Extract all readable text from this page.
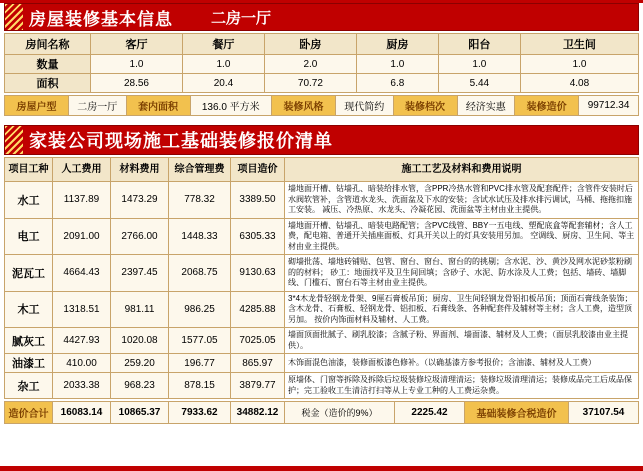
房屋装修基本信息	二房一厅
房间名称	客厅	餐厅	卧房	厨房	阳台	卫生间
数量	1.0	1.0	2.0	1.0	1.0	1.0
面积	28.56	20.4	70.72	6.8	5.44	4.08
房屋户型	二房一厅	套内面积	136.0 平方米	装修风格	现代简约	装修档次	经济实惠	装修造价	99712.34
家装公司现场施工基础装修报价清单
项目工种	人工费用	材料费用	综合管理费	项目造价	施工工艺及材料和费用说明
水工	1137.89	1473.29	778.32	3389.50	墙地面开槽、钻墙孔、暗装给排水管，含PPR冷热水管和PVC排水管及配套配件；含管件安装时后水阀软管补，含管道水龙头、洗面盆及下水的安装；含试水试压及排水排污调试，马桶、拖拖扣施工安装。 减压、冷热原、水龙头、冷凝花园、洗面盆等主材由业主提供。
电工	2091.00	2766.00	1448.33	6305.33	墙地面开槽、钻墙孔、暗装电路配管；含PVC线管、BBY一五电线、塑配底盒等配套辅材；含人工费，配电箱、普通开关插座面板、灯具开关以上的灯具安装用另加。 空调线、厨房、卫生间、等主材由业主提供。
泥瓦工	4664.43	2397.45	2068.75	9130.63	砌墙批荡、墙地砖铺贴、包管、窗台、窗台、窗台的的挑剔；含水泥、沙、黄沙及网水泥砂浆粉刷的的材料； 砂工：地面找平及卫生间回填；含砂子、水泥、防水涂及人工费；包括、墙砖、墙脚线、门槛石、窗台石等主材由业主提供。
木工	1318.51	981.11	986.25	4285.88	3*4木龙骨轻钢龙骨架、9厘石膏板吊顶；厨房、卫生间轻钢龙骨铝扣板吊顶；顶面石膏线条装饰；含木龙骨、石膏板、轻钢龙骨、铝扣板、石膏线条、各种配套件及辅材等主材；含人工费，造型顶另加。 按价内饰面材料及辅材、人工费。
腻灰工	4427.93	1020.08	1577.05	7025.05	墙面顶面批腻子、刷乳胶漆；含腻子粉、界面剂、墙面漆、辅材及人工费；（面层乳胶漆由业主提供）。
油漆工	410.00	259.20	196.77	865.97	木饰面混色油漆，装修面板漆色修补。（以确基漆方参考报价；含油漆、辅材及人工费）
杂工	2033.38	968.23	878.15	3879.77	原墙体、门窗等拆除及拆除后垃圾装修垃圾清理清运；装修垃圾清理清运；装修成品完工后成品保护；完工验收工生清洁打扫等从上专业工种的人工费运杂费。
造价合计	16083.14	10865.37	7933.62	34882.12	税金（造价的9%）	2225.42	基础装修合税造价	37107.54
